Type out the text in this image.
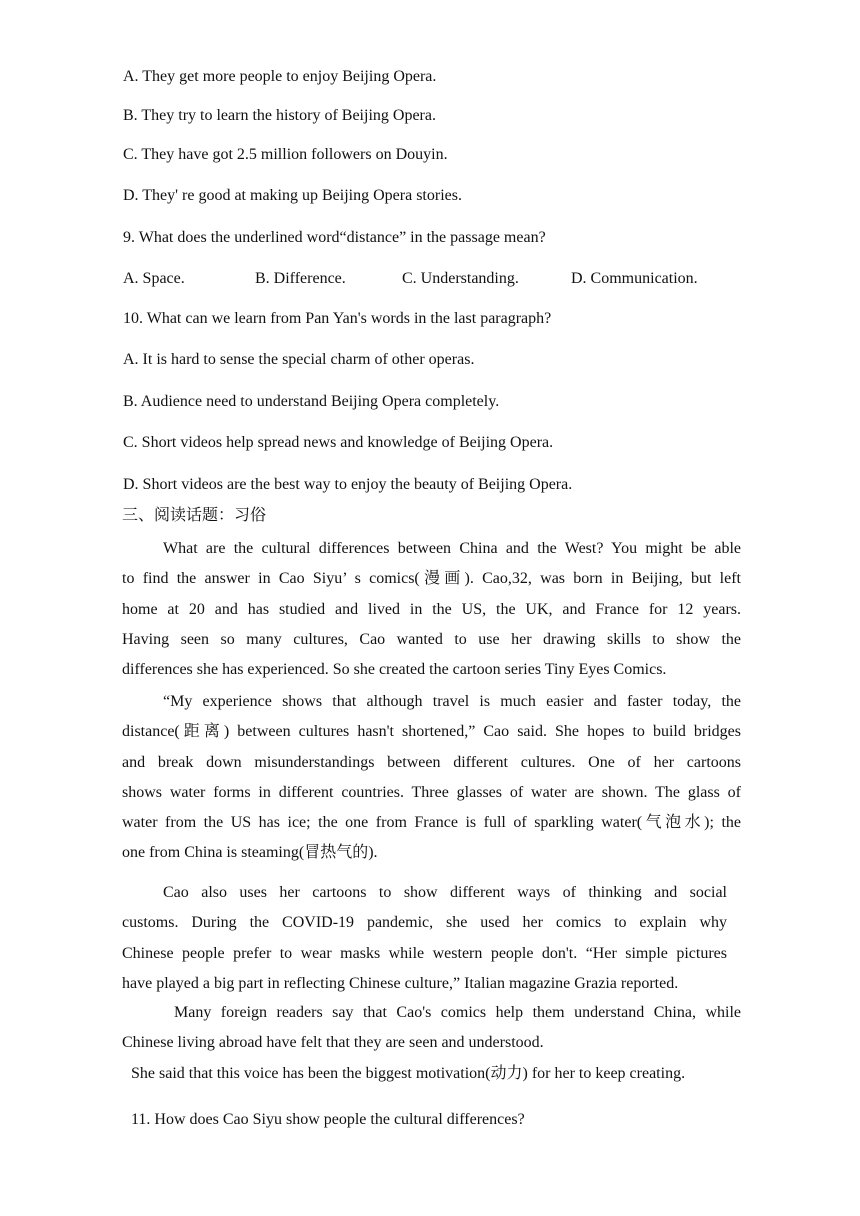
A. They get more people to enjoy Beijing Opera.
B. They try to learn the history of Beijing Opera.
C. They have got 2.5 million followers on Douyin.
D. They' re good at making up Beijing Opera stories.
9. What does the underlined word“distance” in the passage mean?
A. Space.	B. Difference.	C. Understanding.	D. Communication.
10. What can we learn from Pan Yan's words in the last paragraph?
A. It is hard to sense the special charm of other operas.
B. Audience need to understand Beijing Opera completely.
C. Short videos help spread news and knowledge of Beijing Opera.
D. Short videos are the best way to enjoy the beauty of Beijing Opera.
三、阅读话题：习俗
What are the cultural differences between China and the West? You might be able
to find the answer in Cao Siyu’ s comics(漫画). Cao,32, was born in Beijing, but left
home at 20 and has studied and lived in the US, the UK, and France for 12 years.
Having seen so many cultures, Cao wanted to use her drawing skills to show the
differences she has experienced. So she created the cartoon series Tiny Eyes Comics.
“My experience shows that although travel is much easier and faster today, the
distance(距离) between cultures hasn't shortened,” Cao said. She hopes to build bridges
and break down misunderstandings between different cultures. One of her cartoons
shows water forms in different countries. Three glasses of water are shown. The glass of
water from the US has ice; the one from France is full of sparkling water(气泡水); the
one from China is steaming(冒热气的).
Cao also uses her cartoons to show different ways of thinking and social
customs. During the COVID-19 pandemic, she used her comics to explain why
Chinese people prefer to wear masks while western people don't. “Her simple pictures
have played a big part in reflecting Chinese culture,” Italian magazine Grazia reported.
Many foreign readers say that Cao's comics help them understand China, while
Chinese living abroad have felt that they are seen and understood.
She said that this voice has been the biggest motivation(动力) for her to keep creating.
11. How does Cao Siyu show people the cultural differences?
